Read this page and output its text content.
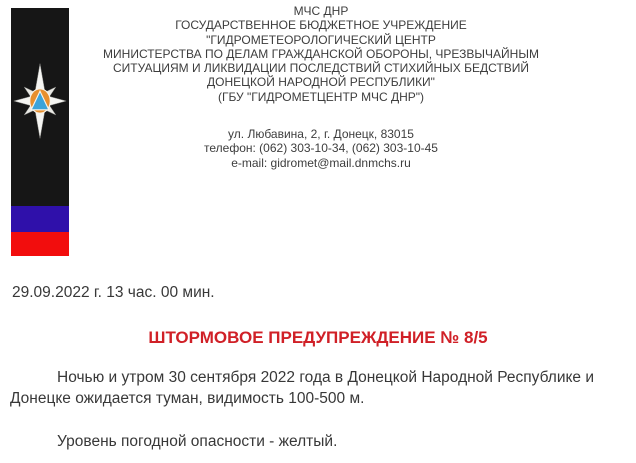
МЧС ДНР
ГОСУДАРСТВЕННОЕ БЮДЖЕТНОЕ УЧРЕЖДЕНИЕ
"ГИДРОМЕТЕОРОЛОГИЧЕСКИЙ ЦЕНТР
МИНИСТЕРСТВА ПО ДЕЛАМ ГРАЖДАНСКОЙ ОБОРОНЫ, ЧРЕЗВЫЧАЙНЫМ
СИТУАЦИЯМ И ЛИКВИДАЦИИ ПОСЛЕДСТВИЙ СТИХИЙНЫХ БЕДСТВИЙ
ДОНЕЦКОЙ НАРОДНОЙ РЕСПУБЛИКИ"
(ГБУ "ГИДРОМЕТЦЕНТР МЧС ДНР")
ул. Любавина, 2, г. Донецк, 83015
телефон: (062) 303-10-34, (062) 303-10-45
e-mail: gidromet@mail.dnmchs.ru
29.09.2022 г. 13 час. 00 мин.
ШТОРМОВОЕ ПРЕДУПРЕЖДЕНИЕ № 8/5

Ночью и утром 30 сентября 2022 года в Донецкой Народной Республике и Донецке ожидается туман, видимость 100-500 м.

Уровень погодной опасности - желтый.
